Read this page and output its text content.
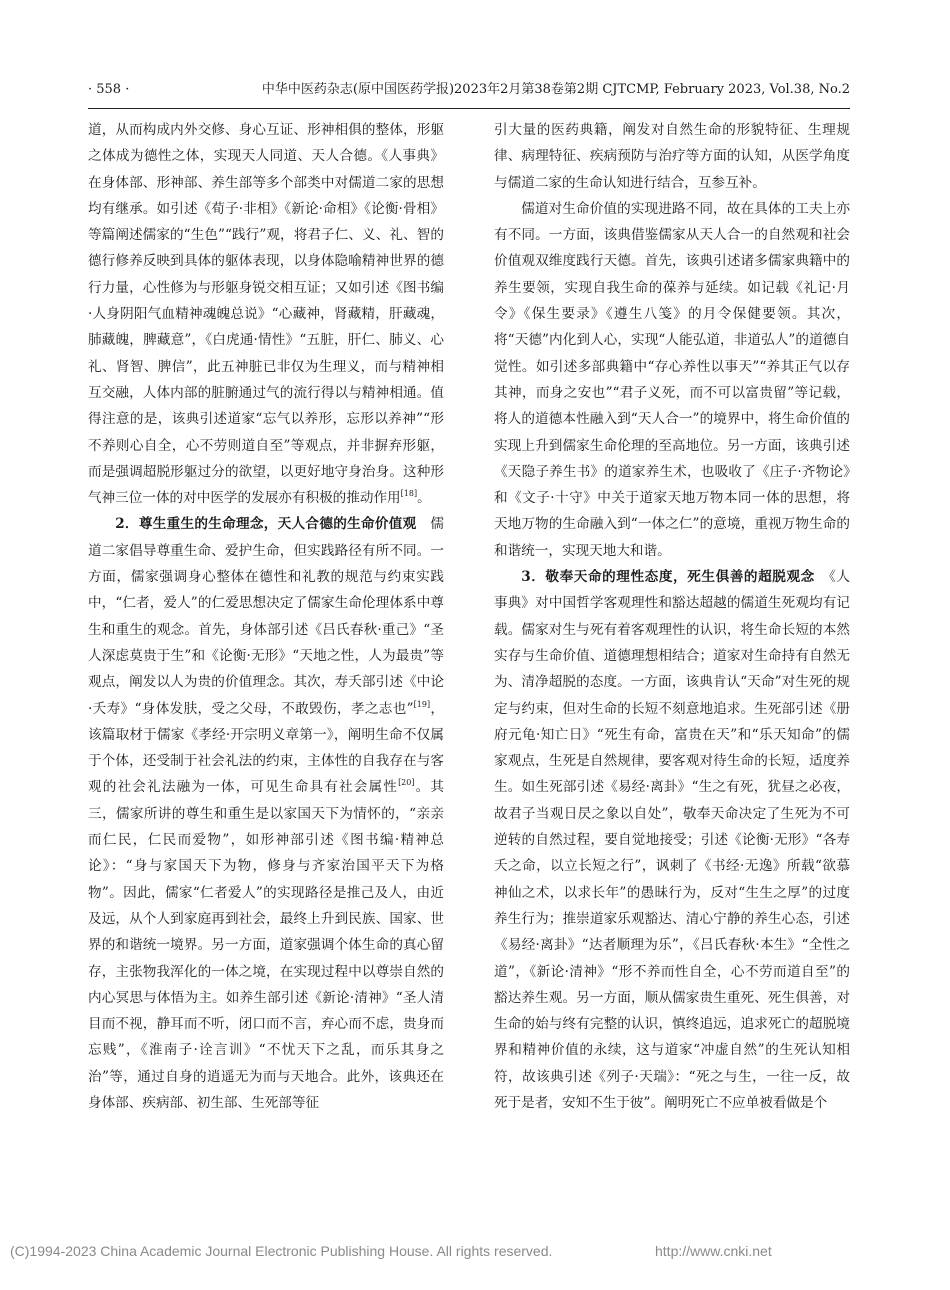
· 558 ·	中华中医药杂志(原中国医药学报)2023年2月第38卷第2期 CJTCMP, February 2023, Vol.38, No.2

道，从而构成内外交修、身心互证、形神相俱的整体，形躯之体成为德性之体，实现天人同道、天人合德。《人事典》在身体部、形神部、养生部等多个部类中对儒道二家的思想均有继承。如引述《荀子·非相》《新论·命相》《论衡·骨相》等篇阐述儒家的“生色”“践行”观，将君子仁、义、礼、智的德行修养反映到具体的躯体表现，以身体隐喻精神世界的德行力量，心性修为与形躯身锐交相互证；又如引述《图书编·人身阴阳气血精神魂魄总说》“心藏神，肾藏精，肝藏魂，肺藏魄，脾藏意”，《白虎通·情性》“五脏，肝仁、肺义、心礼、肾智、脾信”，此五神脏已非仅为生理义，而与精神相互交融，人体内部的脏腑通过气的流行得以与精神相通。值得注意的是，该典引述道家“忘气以养形，忘形以养神”“形不养则心自全，心不劳则道自至”等观点，并非摒弃形躯，而是强调超脱形躯过分的欲望，以更好地守身治身。这种形气神三位一体的对中医学的发展亦有积极的推动作用[18]。

2．尊生重生的生命理念，天人合德的生命价值观　 儒道二家倡导尊重生命、爱护生命，但实践路径有所不同。一方面，儒家强调身心整体在德性和礼教的规范与约束实践中，“仁者，爱人”的仁爱思想决定了儒家生命伦理体系中尊生和重生的观念。首先，身体部引述《吕氏春秋·重己》“圣人深虑莫贵于生”和《论衡·无形》“天地之性，人为最贵”等观点，阐发以人为贵的价值理念。其次，寿夭部引述《中论·夭寿》“身体发肤，受之父母，不敢毁伤，孝之志也”[19]，该篇取材于儒家《孝经·开宗明义章第一》，阐明生命不仅属于个体，还受制于社会礼法的约束，主体性的自我存在与客观的社会礼法融为一体，可见生命具有社会属性[20]。其三，儒家所讲的尊生和重生是以家国天下为情怀的，“亲亲而仁民，仁民而爱物”，如形神部引述《图书编·精神总论》：“身与家国天下为物，修身与齐家治国平天下为格物”。因此，儒家“仁者爱人”的实现路径是推己及人，由近及远，从个人到家庭再到社会，最终上升到民族、国家、世界的和谐统一境界。另一方面，道家强调个体生命的真心留存，主张物我浑化的一体之境，在实现过程中以尊崇自然的内心冥思与体悟为主。如养生部引述《新论·清神》“圣人清目而不视，静耳而不听，闭口而不言，弃心而不虑，贵身而忘贱”，《淮南子·诠言训》“不忧天下之乱，而乐其身之治”等，通过自身的逍遥无为而与天地合。此外，该典还在身体部、疾病部、初生部、生死部等征

引大量的医药典籍，阐发对自然生命的形貌特征、生理规律、病理特征、疾病预防与治疗等方面的认知，从医学角度与儒道二家的生命认知进行结合，互参互补。

儒道对生命价值的实现进路不同，故在具体的工夫上亦有不同。一方面，该典借鉴儒家从天人合一的自然观和社会价值观双维度践行天德。首先，该典引述诸多儒家典籍中的养生要领，实现自我生命的葆养与延续。如记载《礼记·月令》《保生要录》《遵生八笺》的月令保健要领。其次，将“天德”内化到人心，实现“人能弘道，非道弘人”的道德自觉性。如引述多部典籍中“存心养性以事天”“养其正气以存其神，而身之安也”“君子义死，而不可以富贵留”等记载，将人的道德本性融入到“天人合一”的境界中，将生命价值的实现上升到儒家生命伦理的至高地位。另一方面，该典引述《天隐子养生书》的道家养生术，也吸收了《庄子·齐物论》和《文子·十守》中关于道家天地万物本同一体的思想，将天地万物的生命融入到“一体之仁”的意境，重视万物生命的和谐统一，实现天地大和谐。

3．敬奉天命的理性态度，死生俱善的超脱观念　 《人事典》对中国哲学客观理性和豁达超越的儒道生死观均有记载。儒家对生与死有着客观理性的认识，将生命长短的本然实存与生命价值、道德理想相结合；道家对生命持有自然无为、清净超脱的态度。一方面，该典肯认“天命”对生死的规定与约束，但对生命的长短不刻意地追求。生死部引述《册府元龟·知亡日》“死生有命，富贵在天”和“乐天知命”的儒家观点，生死是自然规律，要客观对待生命的长短，适度养生。如生死部引述《易经·离卦》“生之有死，犹昼之必夜，故君子当观日昃之象以自处”，敬奉天命决定了生死为不可逆转的自然过程，要自觉地接受；引述《论衡·无形》“各寿夭之命，以立长短之行”，讽刺了《书经·无逸》所载“欲慕神仙之术，以求长年”的愚昧行为，反对“生生之厚”的过度养生行为；推崇道家乐观豁达、清心宁静的养生心态，引述《易经·离卦》“达者顺理为乐”，《吕氏春秋·本生》“全性之道”，《新论·清神》“形不养而性自全，心不劳而道自至”的豁达养生观。另一方面，顺从儒家贵生重死、死生俱善，对生命的始与终有完整的认识，慎终追远，追求死亡的超脱境界和精神价值的永续，这与道家“冲虚自然”的生死认知相符，故该典引述《列子·天瑞》：“死之与生，一往一反，故死于是者，安知不生于彼”。阐明死亡不应单被看做是个

(C)1994-2023 China Academic Journal Electronic Publishing House. All rights reserved.	http://www.cnki.net
